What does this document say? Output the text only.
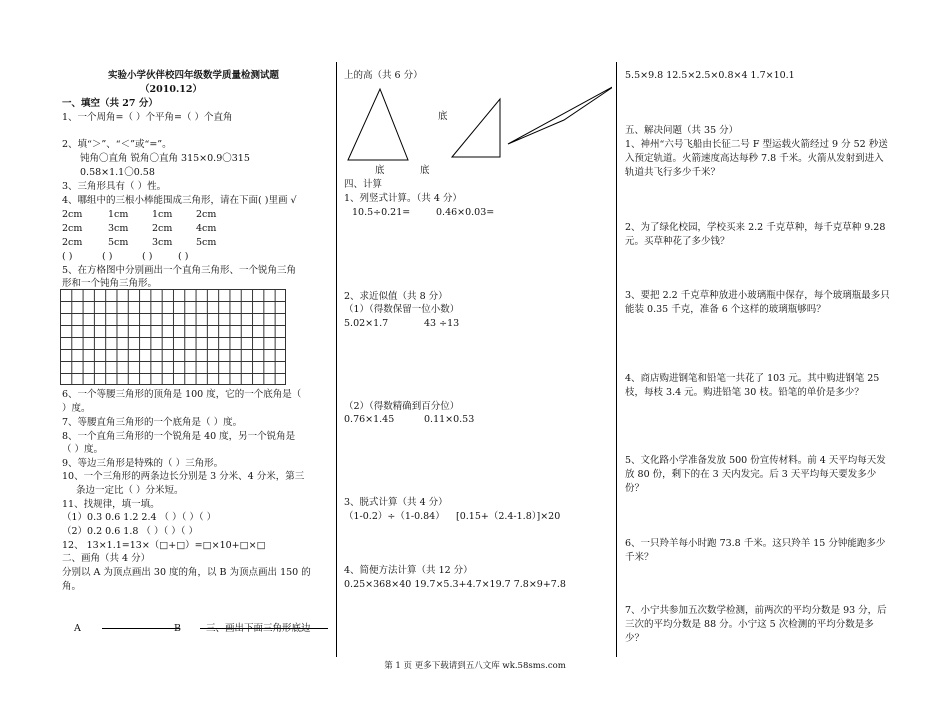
实验小学伙伴校四年级数学质量检测试题
（2010.12）
一、填空（共 27 分）
1、一个周角=（ ）个平角=（ ）个直角
2、填“＞”、“＜”或“=”。
钝角〇直角 锐角〇直角 315×0.9〇315
0.58×1.1〇0.58
3、三角形具有（ ）性。
4、哪组中的三根小棒能围成三角形，请在下面( )里画 √
2cm	1cm 1cm 2cm
2cm	3cm 2cm 4cm
2cm	5cm 3cm 5cm
( )	( )	( )	( )
5、在方格图中分别画出一个直角三角形、一个锐角三角
形和一个钝角三角形。
6、一个等腰三角形的顶角是 100 度，它的一个底角是（
）度。
7、等腰直角三角形的一个底角是（ ）度。
8、一个直角三角形的一个锐角是 40 度，另一个锐角是
（ ）度。
9、等边三角形是特殊的（ ）三角形。
10、一个三角形的两条边长分别是 3 分米、4 分米，第三
条边一定比（ ）分米短。
11、找规律，填一填。
（1）0.3 0.6 1.2 2.4 （ ）（ ）（ ）
（2）0.2 0.6 1.8 （ ）（ ）（ ）
12、 13×1.1=13×（□+□）=□×10+□×□
二、画角（共 4 分）
分别以 A 为顶点画出 30 度的角，以 B 为顶点画出 150 的
角。
A	B	三、画出下面三角形底边
上的高（共 6 分）
底
底	底
四、计算
1、列竖式计算。（共 4 分）
10.5÷0.21=	0.46×0.03=
2、求近似值（共 8 分）
（1）（得数保留一位小数）
5.02×1.7	43 ÷13
（2）（得数精确到百分位）
0.76×1.45	0.11×0.53
3、脱式计算（共 4 分）
（1-0.2）÷（1-0.84） [0.15+（2.4-1.8）]×20
4、简便方法计算（共 12 分）
0.25×368×40 19.7×5.3+4.7×19.7 7.8×9+7.8
5.5×9.8 12.5×2.5×0.8×4 1.7×10.1
五、解决问题（共 35 分）
1、神州“六号飞船由长征二号 F 型运载火箭经过 9 分 52 秒送入预定轨道。火箭速度高达每秒 7.8 千米。火箭从发射到进入轨道共飞行多少千米？
2、为了绿化校园，学校买来 2.2 千克草种，每千克草种 9.28 元。买草种花了多少钱？
3、要把 2.2 千克草种放进小玻璃瓶中保存，每个玻璃瓶最多只能装 0.35 千克，准备 6 个这样的玻璃瓶够吗？
4、商店购进钢笔和铅笔一共花了 103 元。其中购进钢笔 25 枝，每枝 3.4 元。购进铅笔 30 枝。铅笔的单价是多少？
5、文化路小学准备发放 500 份宣传材料。前 4 天平均每天发放 80 份，剩下的在 3 天内发完。后 3 天平均每天要发多少份？
6、一只羚羊每小时跑 73.8 千米。这只羚羊 15 分钟能跑多少千米？
7、小宁共参加五次数学检测，前两次的平均分数是 93 分，后三次的平均分数是 88 分。小宁这 5 次检测的平均分数是多少？
第 1 页 更多下载请到五八文库 wk.58sms.com
